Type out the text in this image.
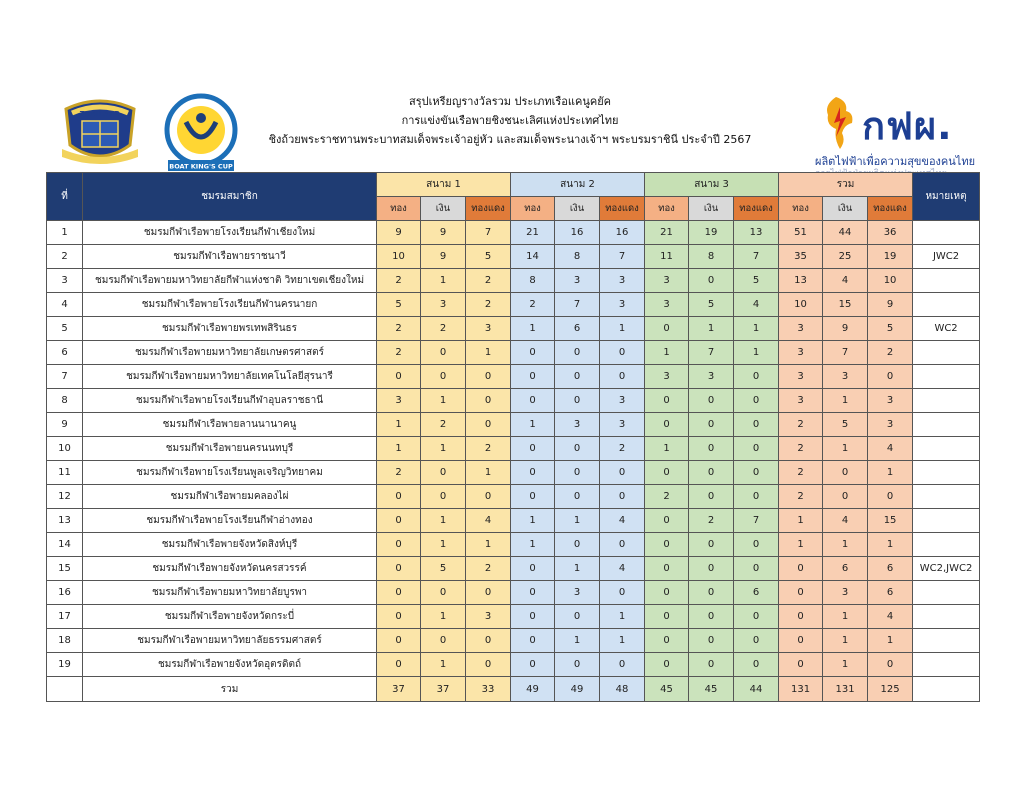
THAILAND
BOAT KING'S CUP
สรุปเหรียญรางวัลรวม ประเภทเรือแคนูคยัค
การแข่งขันเรือพายชิงชนะเลิศแห่งประเทศไทย
ชิงถ้วยพระราชทานพระบาทสมเด็จพระเจ้าอยู่หัว และสมเด็จพระนางเจ้าฯ พระบรมราชินี ประจำปี 2567	กฟผ.
ผลิตไฟฟ้าเพื่อความสุขของคนไทย
ที่	ชมรมสมาชิก	สนาม 1			สนาม 2			สนาม 3			รวม			หมายเหตุ
		ทอง	เงิน	ทองแดง	ทอง	เงิน	ทองแดง	ทอง	เงิน	ทองแดง	ทอง	เงิน	ทองแดง	
1	ชมรมกีฬาเรือพายโรงเรียนกีฬาเชียงใหม่	9	9	7	21	16	16	21	19	13	51	44	36	
2	ชมรมกีฬาเรือพายราชนาวี	10	9	5	14	8	7	11	8	7	35	25	19	JWC2
3	ชมรมกีฬาเรือพายมหาวิทยาลัยกีฬาแห่งชาติ วิทยาเขตเชียงใหม่	2	1	2	8	3	3	3	0	5	13	4	10	
4	ชมรมกีฬาเรือพายโรงเรียนกีฬานครนายก	5	3	2	2	7	3	3	5	4	10	15	9	
5	ชมรมกีฬาเรือพายพรเทพสิรินธร	2	2	3	1	6	1	0	1	1	3	9	5	WC2
6	ชมรมกีฬาเรือพายมหาวิทยาลัยเกษตรศาสตร์	2	0	1	0	0	0	1	7	1	3	7	2	
7	ชมรมกีฬาเรือพายมหาวิทยาลัยเทคโนโลยีสุรนารี	0	0	0	0	0	0	3	3	0	3	3	0	
8	ชมรมกีฬาเรือพายโรงเรียนกีฬาอุบลราชธานี	3	1	0	0	0	3	0	0	0	3	1	3	
9	ชมรมกีฬาเรือพายลานนานาคนู	1	2	0	1	3	3	0	0	0	2	5	3	
10	ชมรมกีฬาเรือพายนครนนทบุรี	1	1	2	0	0	2	1	0	0	2	1	4	
11	ชมรมกีฬาเรือพายโรงเรียนพูลเจริญวิทยาคม	2	0	1	0	0	0	0	0	0	2	0	1	
12	ชมรมกีฬาเรือพายมคลองไผ่	0	0	0	0	0	0	2	0	0	2	0	0	
13	ชมรมกีฬาเรือพายโรงเรียนกีฬาอ่างทอง	0	1	4	1	1	4	0	2	7	1	4	15	
14	ชมรมกีฬาเรือพายจังหวัดสิงห์บุรี	0	1	1	1	0	0	0	0	0	1	1	1	
15	ชมรมกีฬาเรือพายจังหวัดนครสวรรค์	0	5	2	0	1	4	0	0	0	0	6	6	WC2,JWC2
16	ชมรมกีฬาเรือพายมหาวิทยาลัยบูรพา	0	0	0	0	3	0	0	0	6	0	3	6	
17	ชมรมกีฬาเรือพายจังหวัดกระบี่	0	1	3	0	0	1	0	0	0	0	1	4	
18	ชมรมกีฬาเรือพายมหาวิทยาลัยธรรมศาสตร์	0	0	0	0	1	1	0	0	0	0	1	1	
19	ชมรมกีฬาเรือพายจังหวัดอุตรดิตถ์	0	1	0	0	0	0	0	0	0	0	1	0	
	รวม	37	37	33	49	49	48	45	45	44	131	131	125	
